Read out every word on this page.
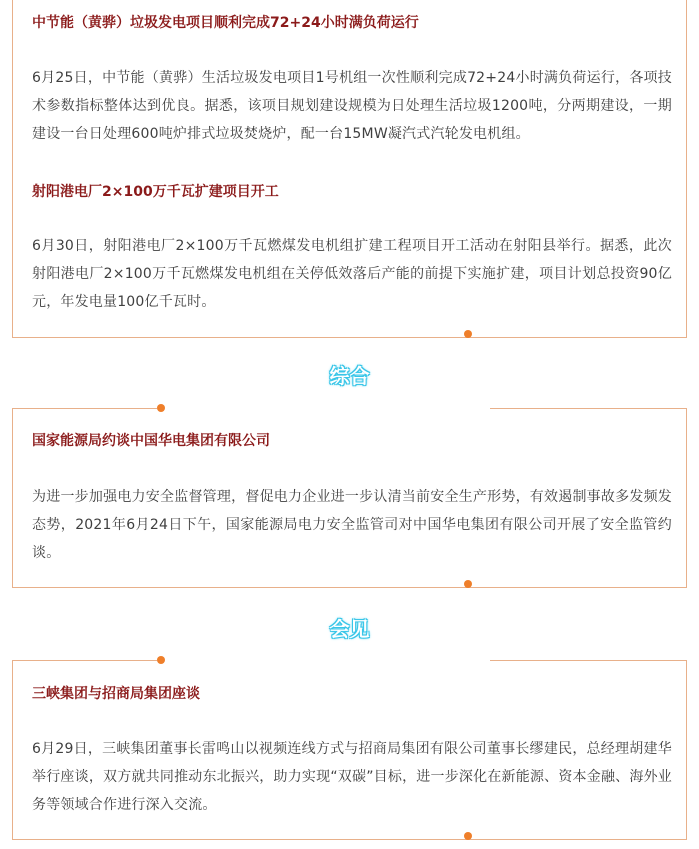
中节能（黄骅）垃圾发电项目顺利完成72+24小时满负荷运行
6月25日，中节能（黄骅）生活垃圾发电项目1号机组一次性顺利完成72+24小时满负荷运行，各项技术参数指标整体达到优良。据悉，该项目规划建设规模为日处理生活垃圾1200吨，分两期建设，一期建设一台日处理600吨炉排式垃圾焚烧炉，配一台15MW凝汽式汽轮发电机组。
射阳港电厂2×100万千瓦扩建项目开工
6月30日，射阳港电厂2×100万千瓦燃煤发电机组扩建工程项目开工活动在射阳县举行。据悉，此次射阳港电厂2×100万千瓦燃煤发电机组在关停低效落后产能的前提下实施扩建，项目计划总投资90亿元，年发电量100亿千瓦时。
综合
国家能源局约谈中国华电集团有限公司
为进一步加强电力安全监督管理，督促电力企业进一步认清当前安全生产形势，有效遏制事故多发频发态势，2021年6月24日下午，国家能源局电力安全监管司对中国华电集团有限公司开展了安全监管约谈。
会见
三峡集团与招商局集团座谈
6月29日，三峡集团董事长雷鸣山以视频连线方式与招商局集团有限公司董事长缪建民，总经理胡建华举行座谈，双方就共同推动东北振兴，助力实现“双碳”目标，进一步深化在新能源、资本金融、海外业务等领域合作进行深入交流。
